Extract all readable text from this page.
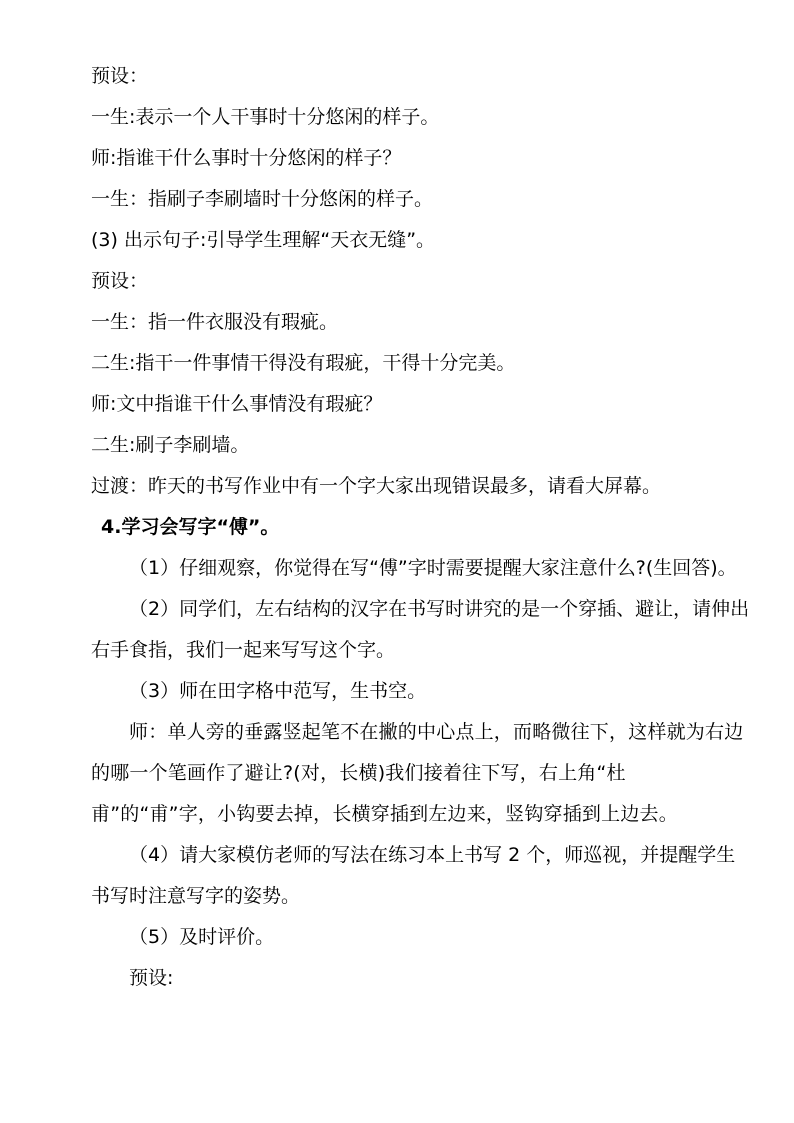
预设：

一生:表示一个人干事时十分悠闲的样子。

师:指谁干什么事时十分悠闲的样子？

一生：指刷子李刷墙时十分悠闲的样子。

(3) 出示句子:引导学生理解“天衣无缝”。

预设：

一生：指一件衣服没有瑕疵。

二生:指干一件事情干得没有瑕疵，干得十分完美。

师:文中指谁干什么事情没有瑕疵？

二生:刷子李刷墙。

过渡：昨天的书写作业中有一个字大家出现错误最多，请看大屏幕。

4.学习会写字“傅”。

（1）仔细观察，你觉得在写“傅”字时需要提醒大家注意什么?(生回答)。

（2）同学们，左右结构的汉字在书写时讲究的是一个穿插、避让，请伸出右手食指，我们一起来写写这个字。

（3）师在田字格中范写，生书空。

师：单人旁的垂露竖起笔不在撇的中心点上，而略微往下，这样就为右边的哪一个笔画作了避让?(对，长横)我们接着往下写，右上角“杜甫”的“甫”字，小钩要去掉，长横穿插到左边来，竖钩穿插到上边去。

（4）请大家模仿老师的写法在练习本上书写 2 个，师巡视，并提醒学生书写时注意写字的姿势。

（5）及时评价。

预设:
